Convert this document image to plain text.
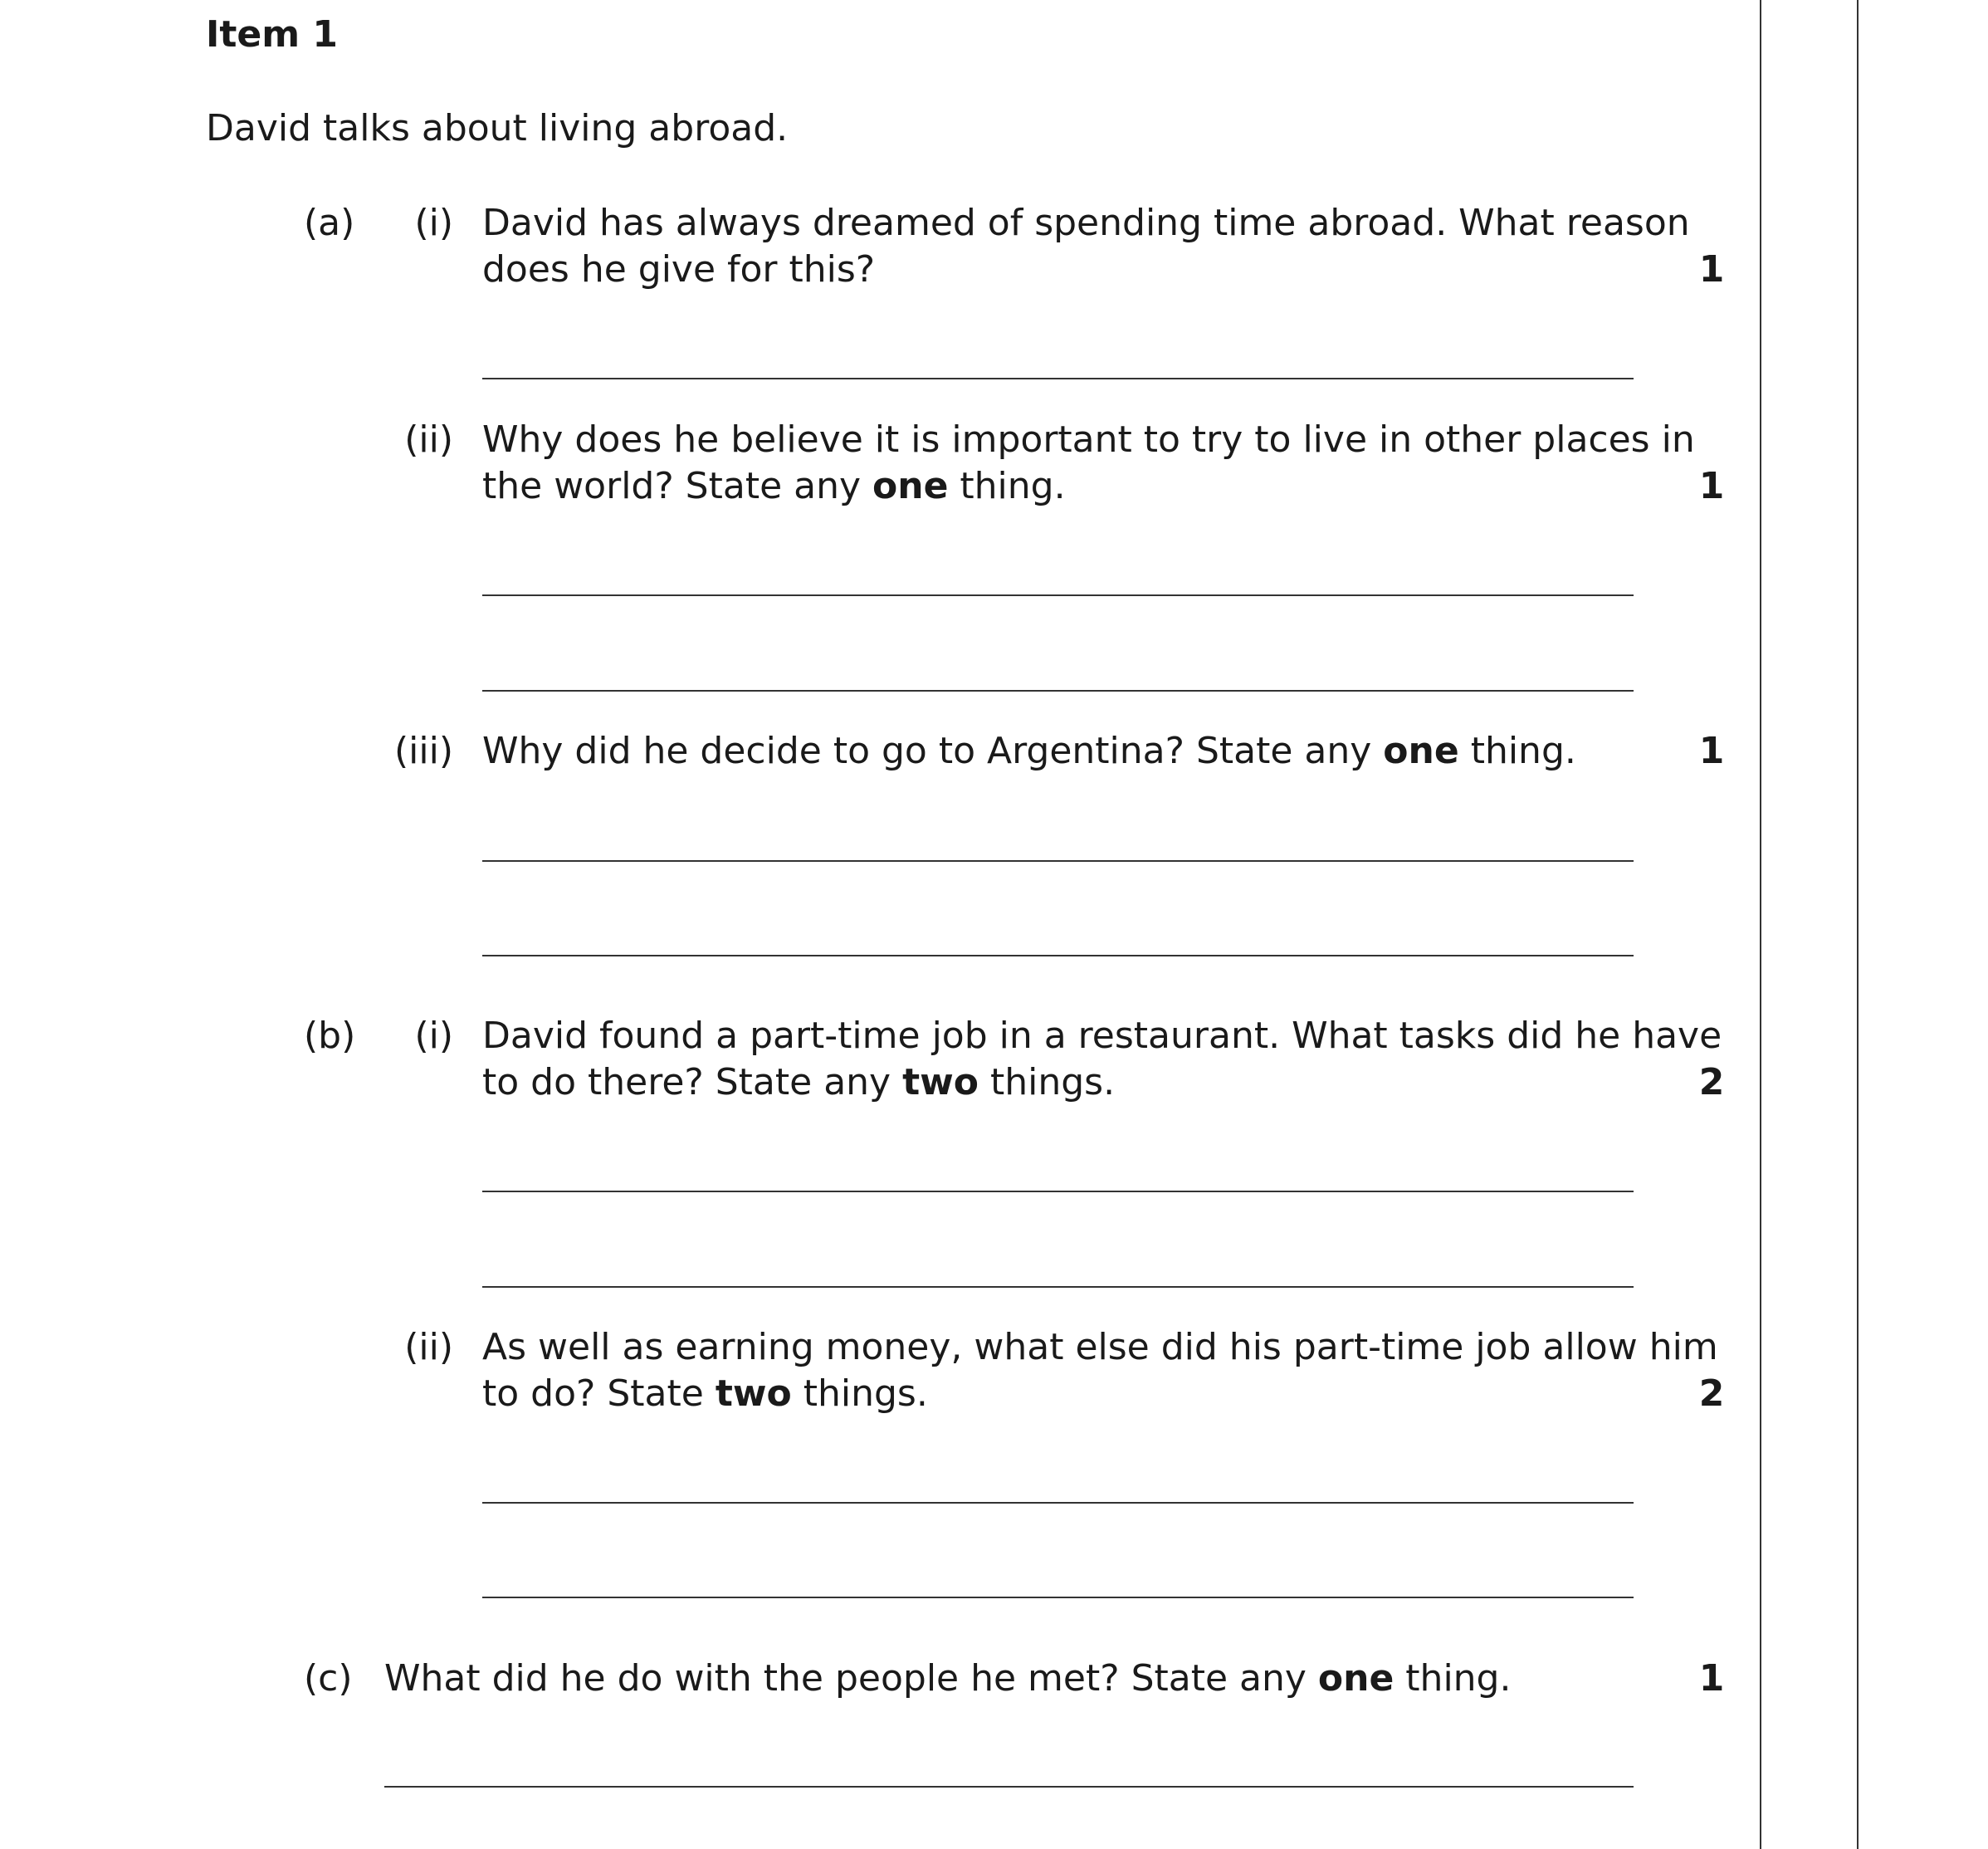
Item 1
David talks about living abroad.
(a)	(i) David has always dreamed of spending time abroad. What reason
does he give for this?	1
(ii) Why does he believe it is important to try to live in other places in
the world? State any one thing.	1
(iii) Why did he decide to go to Argentina? State any one thing.	1
(b)	(i) David found a part-time job in a restaurant. What tasks did he have
to do there? State any two things.	2
(ii) As well as earning money, what else did his part-time job allow him
to do? State two things.	2
(c) What did he do with the people he met? State any one thing.	1
